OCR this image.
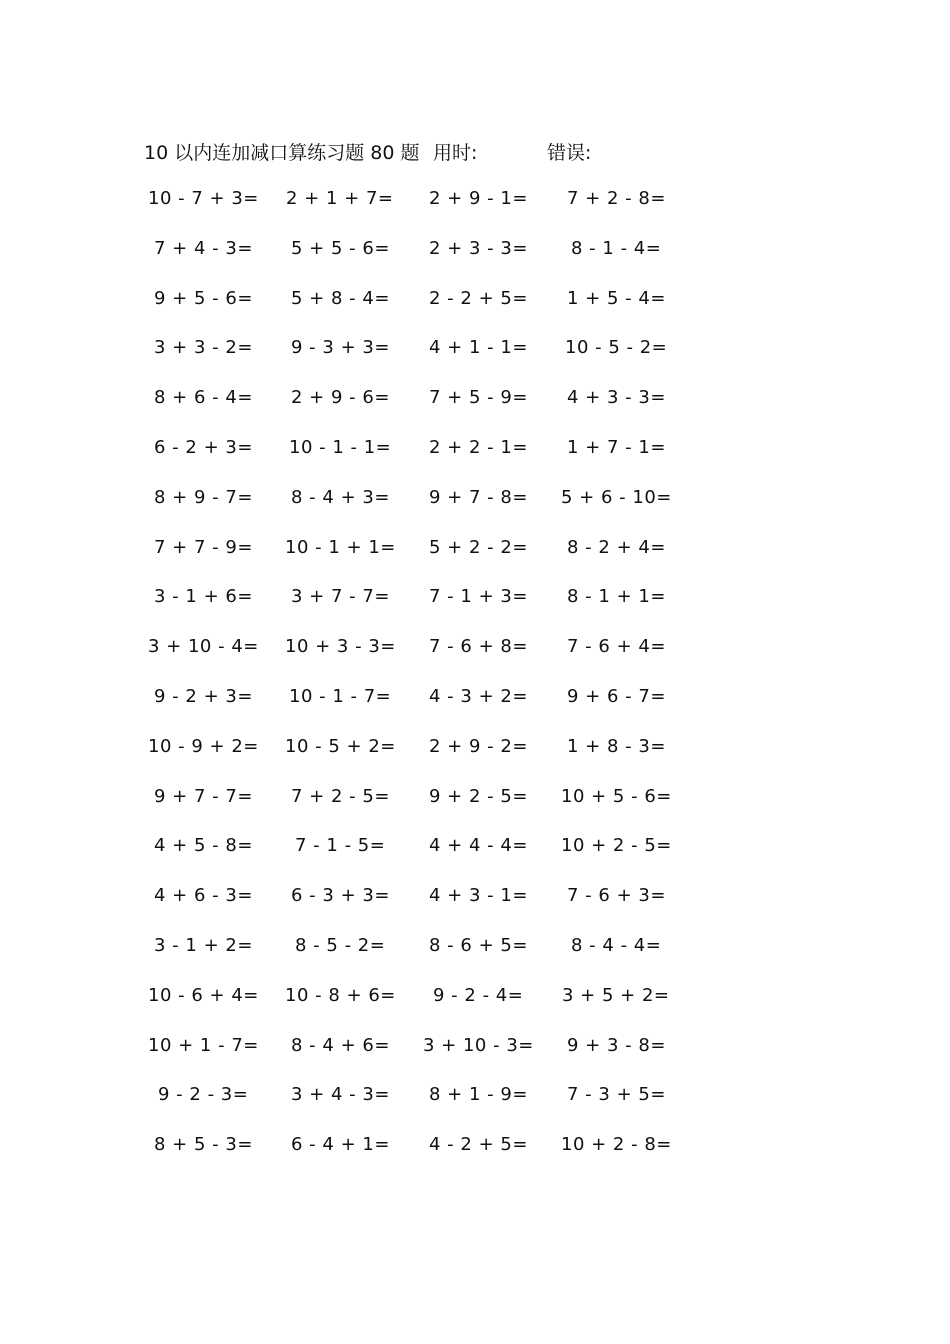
10 以内连加减口算练习题 80 题 用时:	错误:
10 - 7 + 3= 2 + 1 + 7= 2 + 9 - 1= 7 + 2 - 8=
7 + 4 - 3= 5 + 5 - 6= 2 + 3 - 3= 8 - 1 - 4=
9 + 5 - 6= 5 + 8 - 4= 2 - 2 + 5= 1 + 5 - 4=
3 + 3 - 2= 9 - 3 + 3= 4 + 1 - 1= 10 - 5 - 2=
8 + 6 - 4= 2 + 9 - 6= 7 + 5 - 9= 4 + 3 - 3=
6 - 2 + 3= 10 - 1 - 1= 2 + 2 - 1= 1 + 7 - 1=
8 + 9 - 7= 8 - 4 + 3= 9 + 7 - 8= 5 + 6 - 10=
7 + 7 - 9= 10 - 1 + 1= 5 + 2 - 2= 8 - 2 + 4=
3 - 1 + 6= 3 + 7 - 7= 7 - 1 + 3= 8 - 1 + 1=
3 + 10 - 4= 10 + 3 - 3= 7 - 6 + 8= 7 - 6 + 4=
9 - 2 + 3= 10 - 1 - 7= 4 - 3 + 2= 9 + 6 - 7=
10 - 9 + 2= 10 - 5 + 2= 2 + 9 - 2= 1 + 8 - 3=
9 + 7 - 7= 7 + 2 - 5= 9 + 2 - 5= 10 + 5 - 6=
4 + 5 - 8= 7 - 1 - 5= 4 + 4 - 4= 10 + 2 - 5=
4 + 6 - 3= 6 - 3 + 3= 4 + 3 - 1= 7 - 6 + 3=
3 - 1 + 2= 8 - 5 - 2= 8 - 6 + 5= 8 - 4 - 4=
10 - 6 + 4= 10 - 8 + 6= 9 - 2 - 4= 3 + 5 + 2=
10 + 1 - 7= 8 - 4 + 6= 3 + 10 - 3= 9 + 3 - 8=
9 - 2 - 3= 3 + 4 - 3= 8 + 1 - 9= 7 - 3 + 5=
8 + 5 - 3= 6 - 4 + 1= 4 - 2 + 5= 10 + 2 - 8=
